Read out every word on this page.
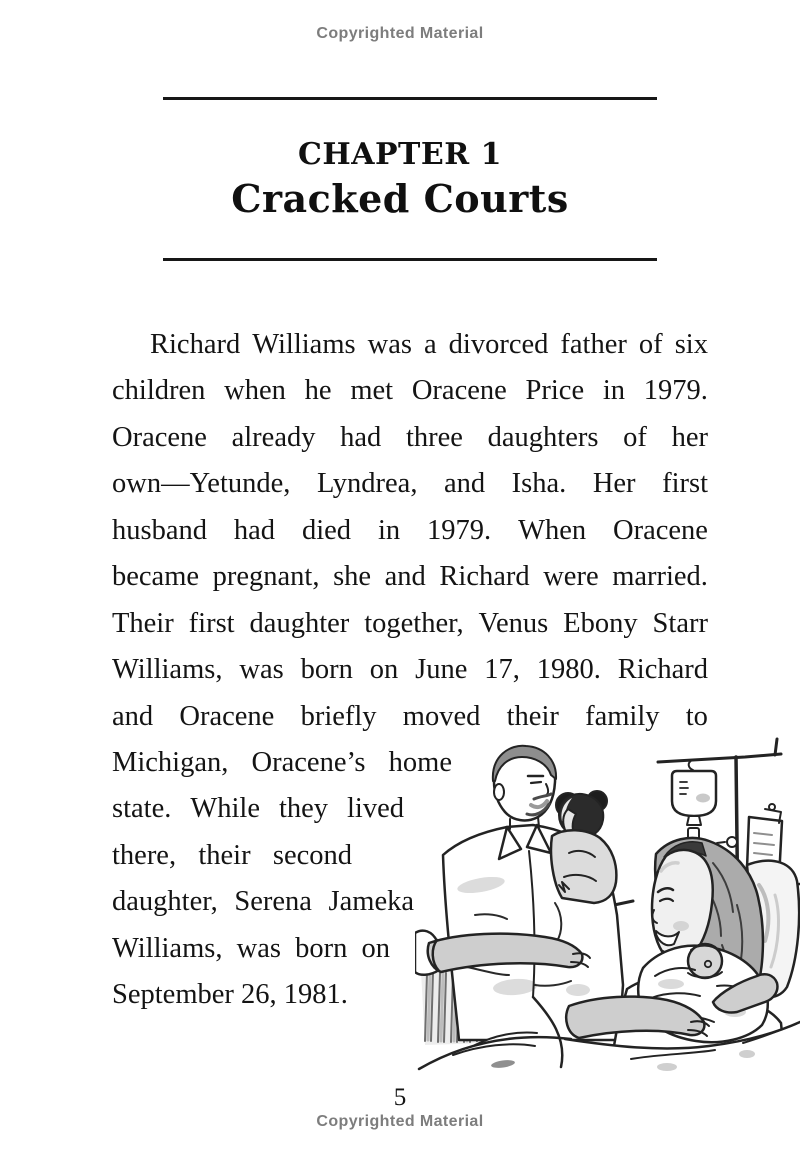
Copyrighted Material
CHAPTER 1
Cracked Courts
Richard Williams was a divorced father of six
children when he met Oracene Price in 1979.
Oracene already had three daughters of her
own—Yetunde, Lyndrea, and Isha. Her first
husband had died in 1979. When Oracene
became pregnant, she and Richard were married.
Their first daughter together, Venus Ebony Starr
Williams, was born on June 17, 1980. Richard
and Oracene briefly moved their family to
Michigan, Oracene’s home
state. While they lived
there, their second
daughter, Serena Jameka
Williams, was born on
September 26, 1981.
5
Copyrighted Material
